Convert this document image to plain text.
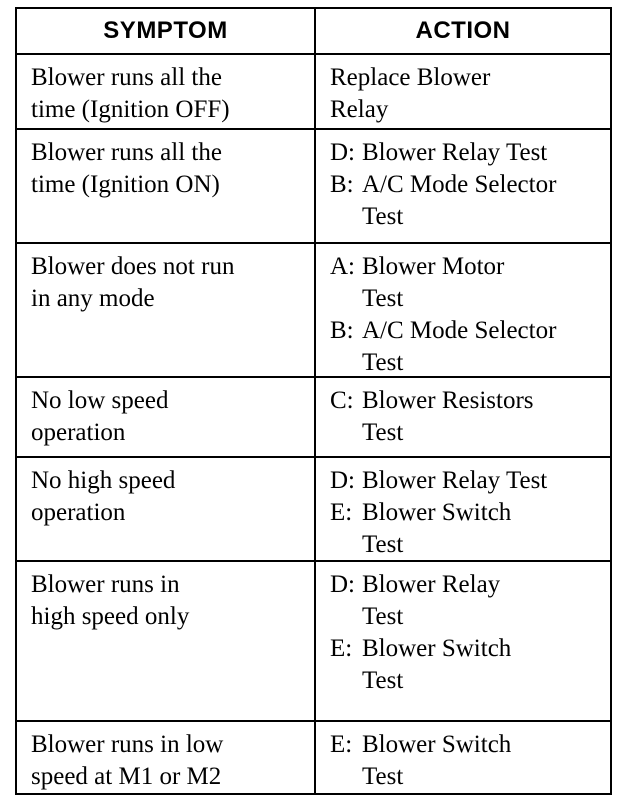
SYMPTOM	ACTION
Blower runs all the
time (Ignition OFF)
Replace Blower
Relay
Blower runs all the
time (Ignition ON)
D: Blower Relay Test
B: A/C Mode Selector
Test
Blower does not run
in any mode
A: Blower Motor
Test
B: A/C Mode Selector
Test
No low speed
operation
C: Blower Resistors
Test
No high speed
operation
D: Blower Relay Test
E: Blower Switch
Test
Blower runs in
high speed only
D: Blower Relay
Test
E: Blower Switch
Test
Blower runs in low
speed at M1 or M2
E: Blower Switch
Test
